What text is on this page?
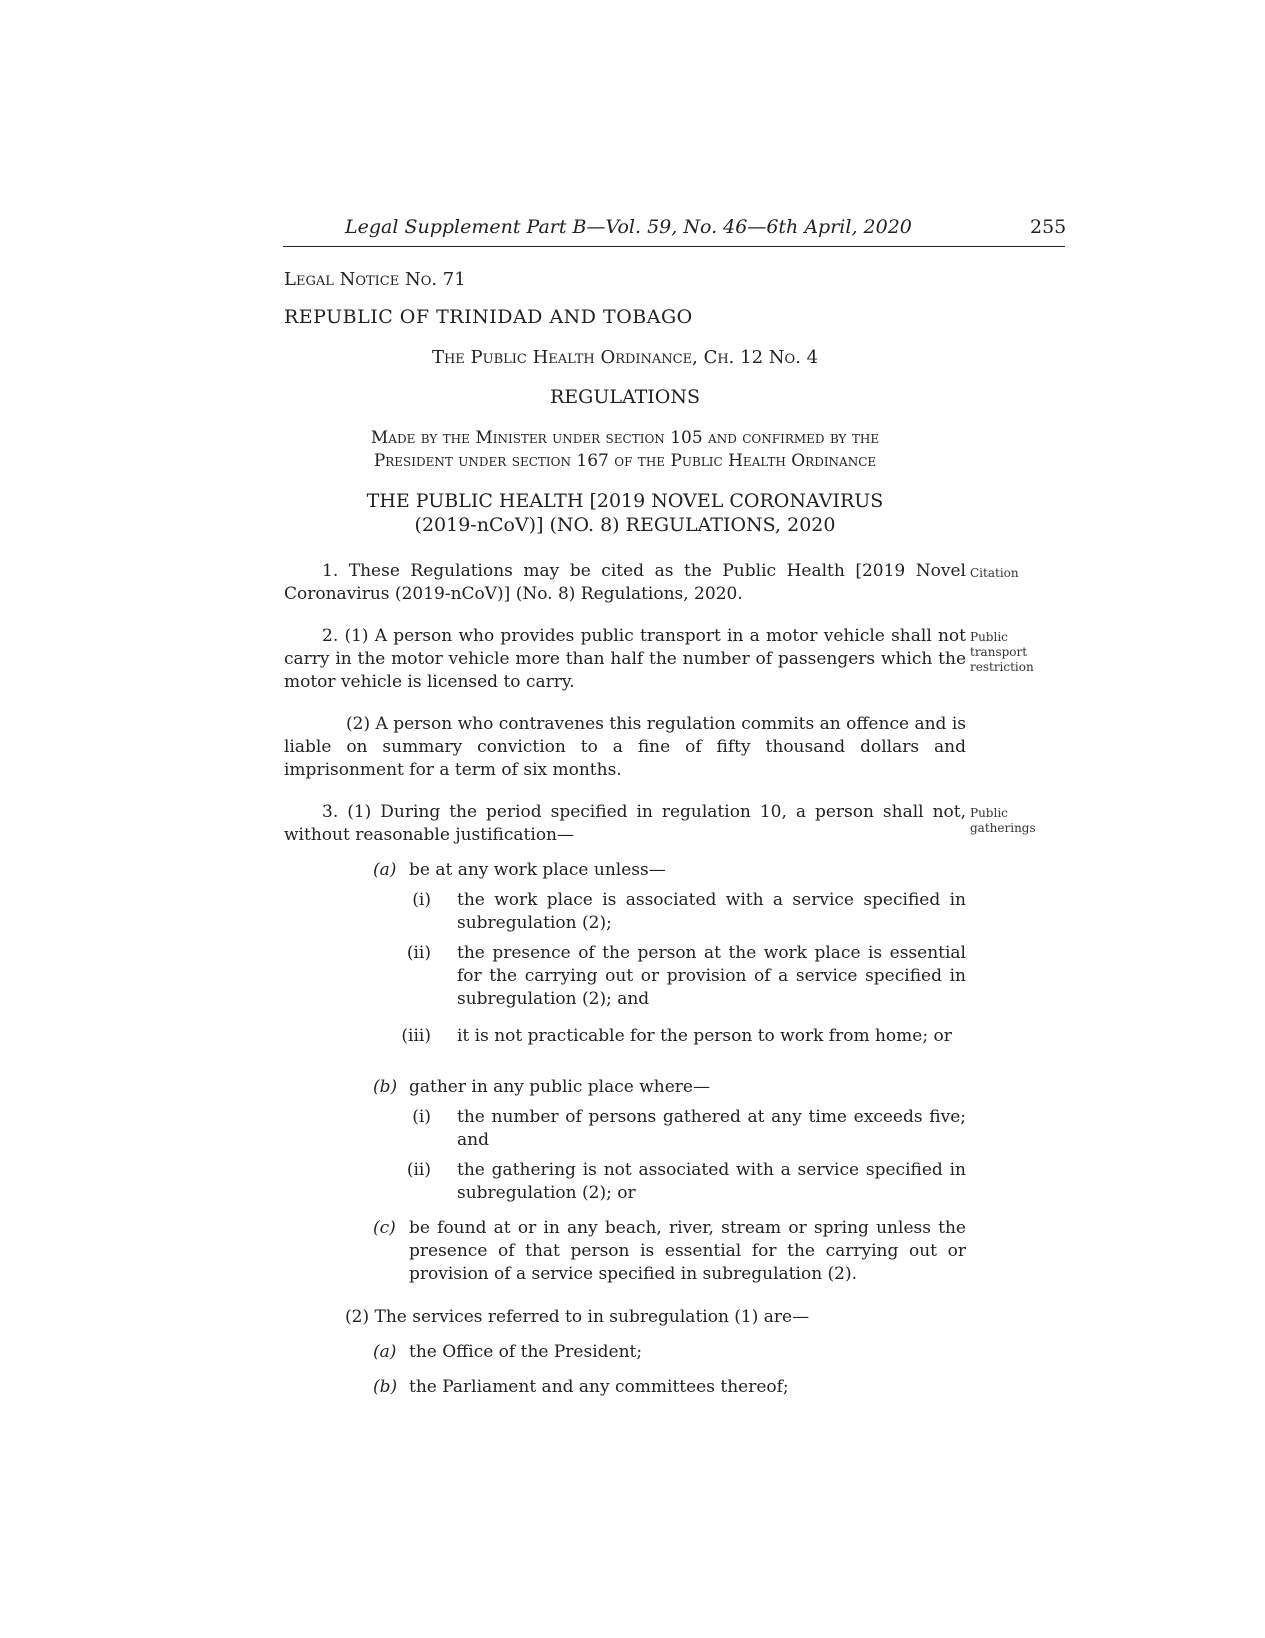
Legal Supplement Part B—Vol. 59, No. 46—6th April, 2020	255
Legal Notice No. 71
REPUBLIC OF TRINIDAD AND TOBAGO
The Public Health Ordinance, Ch. 12 No. 4
REGULATIONS
Made by the Minister under section 105 and confirmed by the
President under section 167 of the Public Health Ordinance
THE PUBLIC HEALTH [2019 NOVEL CORONAVIRUS
(2019-nCoV)] (NO. 8) REGULATIONS, 2020
1. These Regulations may be cited as the Public Health [2019 Novel Coronavirus (2019-nCoV)] (No. 8) Regulations, 2020.
Citation
2. (1) A person who provides public transport in a motor vehicle shall not carry in the motor vehicle more than half the number of passengers which the motor vehicle is licensed to carry.
Public
transport
restriction
(2) A person who contravenes this regulation commits an offence and is liable on summary conviction to a fine of fifty thousand dollars and imprisonment for a term of six months.
3. (1) During the period specified in regulation 10, a person shall not, without reasonable justification—
Public
gatherings
(a) be at any work place unless—
(i) the work place is associated with a service specified in subregulation (2);
(ii) the presence of the person at the work place is essential for the carrying out or provision of a service specified in subregulation (2); and
(iii) it is not practicable for the person to work from home; or
(b) gather in any public place where—
(i) the number of persons gathered at any time exceeds five; and
(ii) the gathering is not associated with a service specified in subregulation (2); or
(c) be found at or in any beach, river, stream or spring unless the presence of that person is essential for the carrying out or provision of a service specified in subregulation (2).
(2) The services referred to in subregulation (1) are—
(a) the Office of the President;
(b) the Parliament and any committees thereof;
